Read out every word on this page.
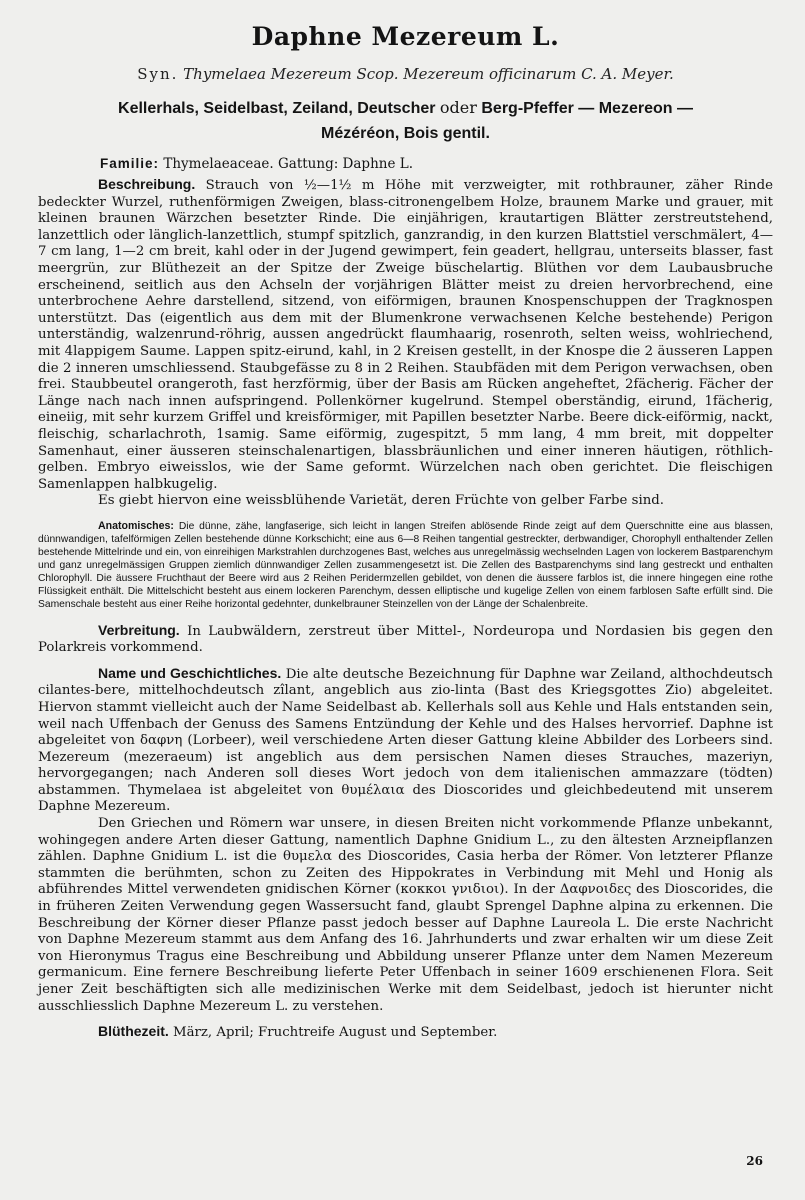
Daphne Mezereum L.
Syn. Thymelaea Mezereum Scop. Mezereum officinarum C. A. Meyer.
Kellerhals, Seidelbast, Zeiland, Deutscher oder Berg-Pfeffer — Mezereon —
Mézéréon, Bois gentil.
Familie: Thymelaeaceae. Gattung: Daphne L.

Beschreibung. Strauch von ½—1½ m Höhe mit verzweigter, mit rothbrauner, zäher Rinde bedeckter Wurzel, ruthenförmigen Zweigen, blass-citronengelbem Holze, braunem Marke und grauer, mit kleinen braunen Wärzchen besetzter Rinde. Die einjährigen, krautartigen Blätter zerstreutstehend, lanzettlich oder länglich-lanzettlich, stumpf spitzlich, ganzrandig, in den kurzen Blattstiel verschmälert, 4—7 cm lang, 1—2 cm breit, kahl oder in der Jugend gewimpert, fein geadert, hellgrau, unterseits blasser, fast meergrün, zur Blüthezeit an der Spitze der Zweige büschelartig. Blüthen vor dem Laubausbruche erscheinend, seitlich aus den Achseln der vorjährigen Blätter meist zu dreien hervorbrechend, eine unterbrochene Aehre darstellend, sitzend, von eiförmigen, braunen Knospenschuppen der Tragknospen unterstützt. Das (eigentlich aus dem mit der Blumenkrone verwachsenen Kelche bestehende) Perigon unterständig, walzenrund-röhrig, aussen angedrückt flaumhaarig, rosenroth, selten weiss, wohlriechend, mit 4lappigem Saume. Lappen spitz-eirund, kahl, in 2 Kreisen gestellt, in der Knospe die 2 äusseren Lappen die 2 inneren umschliessend. Staubgefässe zu 8 in 2 Reihen. Staubfäden mit dem Perigon verwachsen, oben frei. Staubbeutel orangeroth, fast herzförmig, über der Basis am Rücken angeheftet, 2fächerig. Fächer der Länge nach nach innen aufspringend. Pollenkörner kugelrund. Stempel oberständig, eirund, 1fächerig, eineiig, mit sehr kurzem Griffel und kreisförmiger, mit Papillen besetzter Narbe. Beere dick-eiförmig, nackt, fleischig, scharlachroth, 1samig. Same eiförmig, zugespitzt, 5 mm lang, 4 mm breit, mit doppelter Samenhaut, einer äusseren steinschalenartigen, blassbräunlichen und einer inneren häutigen, röthlich-gelben. Embryo eiweisslos, wie der Same geformt. Würzelchen nach oben gerichtet. Die fleischigen Samenlappen halbkugelig.

Es giebt hiervon eine weissblühende Varietät, deren Früchte von gelber Farbe sind.

Anatomisches: Die dünne, zähe, langfaserige, sich leicht in langen Streifen ablösende Rinde zeigt auf dem Querschnitte eine aus blassen, dünnwandigen, tafelförmigen Zellen bestehende dünne Korkschicht; eine aus 6—8 Reihen tangential gestreckter, derbwandiger, Chorophyll enthaltender Zellen bestehende Mittelrinde und ein, von einreihigen Markstrahlen durchzogenes Bast, welches aus unregelmässig wechselnden Lagen von lockerem Bastparenchym und ganz unregelmässigen Gruppen ziemlich dünnwandiger Zellen zusammengesetzt ist. Die Zellen des Bastparenchyms sind lang gestreckt und enthalten Chlorophyll. Die äussere Fruchthaut der Beere wird aus 2 Reihen Peridermzellen gebildet, von denen die äussere farblos ist, die innere hingegen eine rothe Flüssigkeit enthält. Die Mittelschicht besteht aus einem lockeren Parenchym, dessen elliptische und kugelige Zellen von einem farblosen Safte erfüllt sind. Die Samenschale besteht aus einer Reihe horizontal gedehnter, dunkelbrauner Steinzellen von der Länge der Schalenbreite.

Verbreitung. In Laubwäldern, zerstreut über Mittel-, Nordeuropa und Nordasien bis gegen den Polarkreis vorkommend.

Name und Geschichtliches. Die alte deutsche Bezeichnung für Daphne war Zeiland, althochdeutsch cilantes-bere, mittelhochdeutsch zîlant, angeblich aus zio-linta (Bast des Kriegsgottes Zio) abgeleitet. Hiervon stammt vielleicht auch der Name Seidelbast ab. Kellerhals soll aus Kehle und Hals entstanden sein, weil nach Uffenbach der Genuss des Samens Entzündung der Kehle und des Halses hervorrief. Daphne ist abgeleitet von δαφνη (Lorbeer), weil verschiedene Arten dieser Gattung kleine Abbilder des Lorbeers sind. Mezereum (mezeraeum) ist angeblich aus dem persischen Namen dieses Strauches, mazeriyn, hervorgegangen; nach Anderen soll dieses Wort jedoch von dem italienischen ammazzare (tödten) abstammen. Thymelaea ist abgeleitet von θυμέλαια des Dioscorides und gleichbedeutend mit unserem Daphne Mezereum.

Den Griechen und Römern war unsere, in diesen Breiten nicht vorkommende Pflanze unbekannt, wohingegen andere Arten dieser Gattung, namentlich Daphne Gnidium L., zu den ältesten Arzneipflanzen zählen. Daphne Gnidium L. ist die θυμελα des Dioscorides, Casia herba der Römer. Von letzterer Pflanze stammten die berühmten, schon zu Zeiten des Hippokrates in Verbindung mit Mehl und Honig als abführendes Mittel verwendeten gnidischen Körner (κοκκοι γνιδιοι). In der Δαφνοιδες des Dioscorides, die in früheren Zeiten Verwendung gegen Wassersucht fand, glaubt Sprengel Daphne alpina zu erkennen. Die Beschreibung der Körner dieser Pflanze passt jedoch besser auf Daphne Laureola L. Die erste Nachricht von Daphne Mezereum stammt aus dem Anfang des 16. Jahrhunderts und zwar erhalten wir um diese Zeit von Hieronymus Tragus eine Beschreibung und Abbildung unserer Pflanze unter dem Namen Mezereum germanicum. Eine fernere Beschreibung lieferte Peter Uffenbach in seiner 1609 erschienenen Flora. Seit jener Zeit beschäftigten sich alle medizinischen Werke mit dem Seidelbast, jedoch ist hierunter nicht ausschliesslich Daphne Mezereum L. zu verstehen.

Blüthezeit. März, April; Fruchtreife August und September.

26
